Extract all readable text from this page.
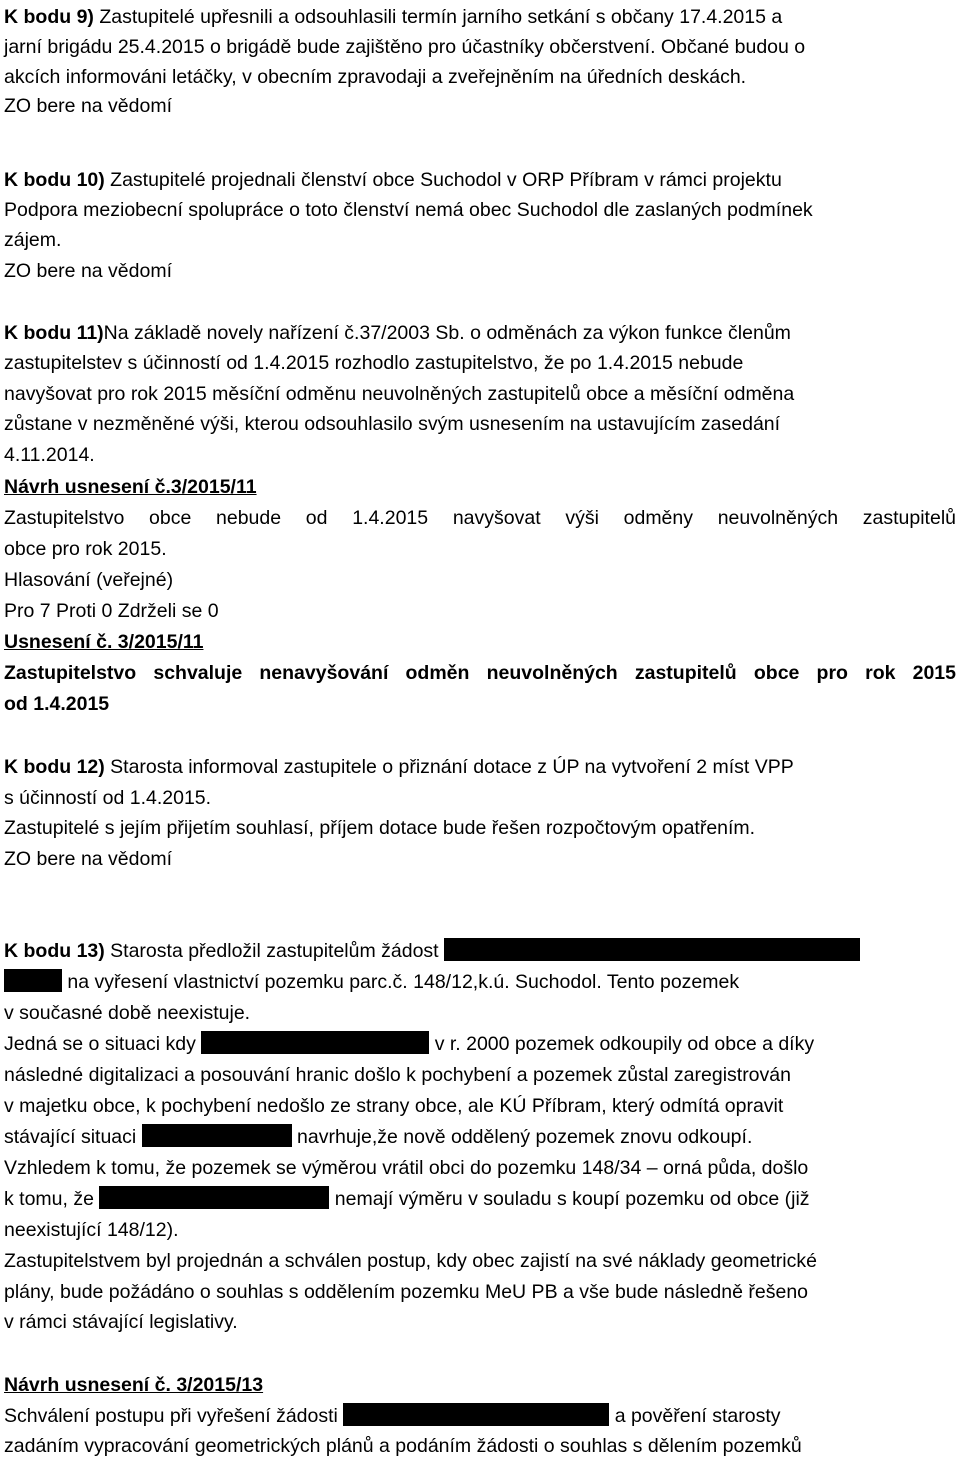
K bodu 9) Zastupitelé upřesnili a odsouhlasili termín jarního setkání s občany 17.4.2015 a
jarní brigádu 25.4.2015 o brigádě bude zajištěno pro účastníky občerstvení. Občané budou o
akcích informováni letáčky, v obecním zpravodaji a zveřejněním na úředních deskách.
ZO bere na vědomí
K bodu 10) Zastupitelé projednali členství obce Suchodol v ORP Příbram v rámci projektu
Podpora meziobecní spolupráce o toto členství nemá obec Suchodol dle zaslaných podmínek
zájem.
ZO bere na vědomí
K bodu 11)Na základě novely nařízení č.37/2003 Sb. o odměnách za výkon funkce členům
zastupitelstev s účinností od 1.4.2015 rozhodlo zastupitelstvo, že po 1.4.2015 nebude
navyšovat pro rok 2015 měsíční odměnu neuvolněných zastupitelů obce a měsíční odměna
zůstane v nezměněné výši, kterou odsouhlasilo svým usnesením na ustavujícím zasedání
4.11.2014.
Návrh usnesení č.3/2015/11
Zastupitelstvo obce nebude od 1.4.2015 navyšovat výši odměny neuvolněných zastupitelů
obce pro rok 2015.
Hlasování (veřejné)
Pro 7 Proti 0 Zdrželi se 0
Usnesení č. 3/2015/11
Zastupitelstvo schvaluje nenavyšování odměn neuvolněných zastupitelů obce pro rok 2015
od 1.4.2015
K bodu 12) Starosta informoval zastupitele o přiznání dotace z ÚP na vytvoření 2 míst VPP
s účinností od 1.4.2015.
Zastupitelé s jejím přijetím souhlasí, příjem dotace bude řešen rozpočtovým opatřením.
ZO bere na vědomí
K bodu 13) Starosta předložil zastupitelům žádost
na vyřesení vlastnictví pozemku parc.č. 148/12,k.ú. Suchodol. Tento pozemek
v současné době neexistuje.
Jedná se o situaci kdy	v r. 2000 pozemek odkoupily od obce a díky
následné digitalizaci a posouvání hranic došlo k pochybení a pozemek zůstal zaregistrován
v majetku obce, k pochybení nedošlo ze strany obce, ale KÚ Příbram, který odmítá opravit
stávající situaci	navrhuje,že nově oddělený pozemek znovu odkoupí.
Vzhledem k tomu, že pozemek se výměrou vrátil obci do pozemku 148/34 – orná půda, došlo
k tomu, že	nemají výměru v souladu s koupí pozemku od obce (již
neexistující 148/12).
Zastupitelstvem byl projednán a schválen postup, kdy obec zajistí na své náklady geometrické
plány, bude požádáno o souhlas s oddělením pozemku MeU PB a vše bude následně řešeno
v rámci stávající legislativy.
Návrh usnesení č. 3/2015/13
Schválení postupu při vyřešení žádosti	a pověření starosty
zadáním vypracování geometrických plánů a podáním žádosti o souhlas s dělením pozemků
